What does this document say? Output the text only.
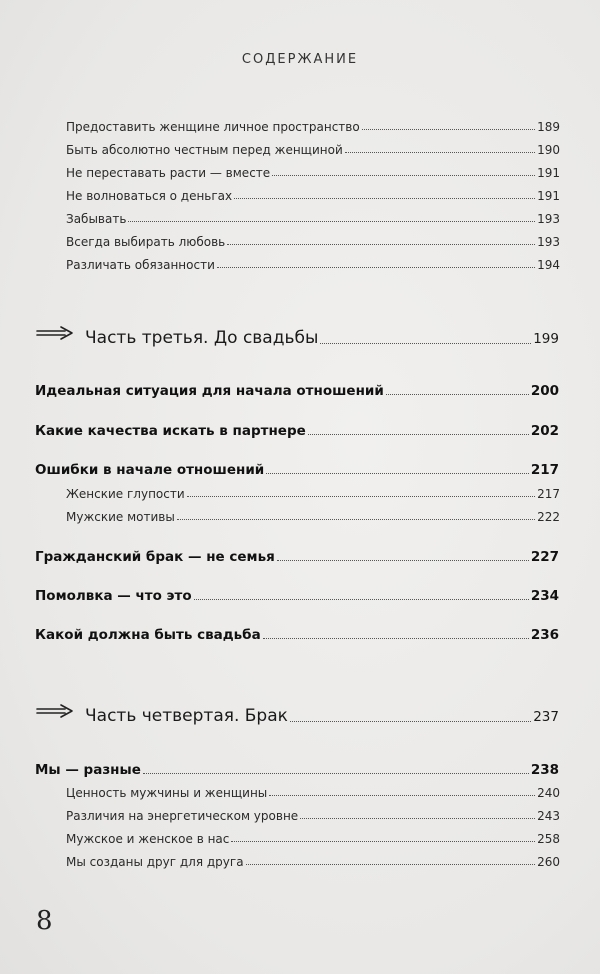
СОДЕРЖАНИЕ
Предоставить женщине личное пространство	189
Быть абсолютно честным перед женщиной	190
Не переставать расти — вместе	191
Не волноваться о деньгах	191
Забывать	193
Всегда выбирать любовь	193
Различать обязанности	194
Часть третья. До свадьбы	199
Идеальная ситуация для начала отношений	200
Какие качества искать в партнере	202
Ошибки в начале отношений	217
Женские глупости	217
Мужские мотивы	222
Гражданский брак — не семья	227
Помолвка — что это	234
Какой должна быть свадьба	236
Часть четвертая. Брак	237
Мы — разные	238
Ценность мужчины и женщины	240
Различия на энергетическом уровне	243
Мужское и женское в нас	258
Мы созданы друг для друга	260
8
